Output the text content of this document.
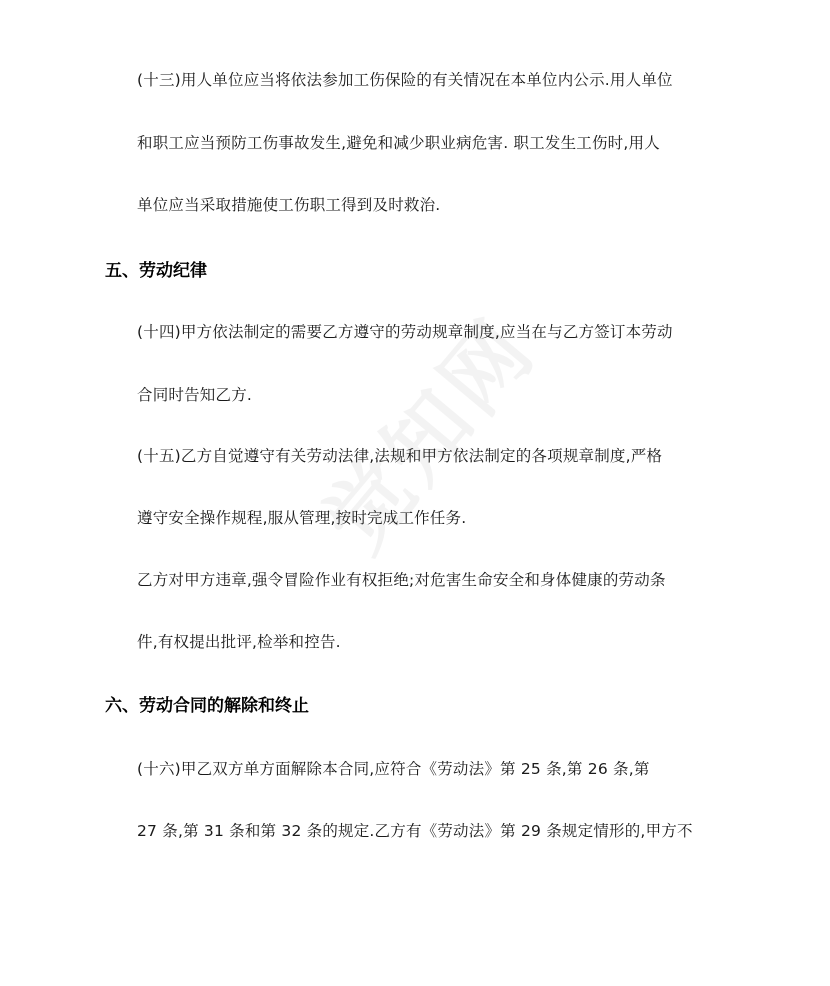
(十三)用人单位应当将依法参加工伤保险的有关情况在本单位内公示.用人单位
和职工应当预防工伤事故发生,避免和减少职业病危害. 职工发生工伤时,用人
单位应当采取措施使工伤职工得到及时救治.
五、劳动纪律
(十四)甲方依法制定的需要乙方遵守的劳动规章制度,应当在与乙方签订本劳动
合同时告知乙方.
(十五)乙方自觉遵守有关劳动法律,法规和甲方依法制定的各项规章制度,严格
遵守安全操作规程,服从管理,按时完成工作任务.
乙方对甲方违章,强令冒险作业有权拒绝;对危害生命安全和身体健康的劳动条
件,有权提出批评,检举和控告.
六、劳动合同的解除和终止
(十六)甲乙双方单方面解除本合同,应符合《劳动法》第 25 条,第 26 条,第
27 条,第 31 条和第 32 条的规定.乙方有《劳动法》第 29 条规定情形的,甲方不
